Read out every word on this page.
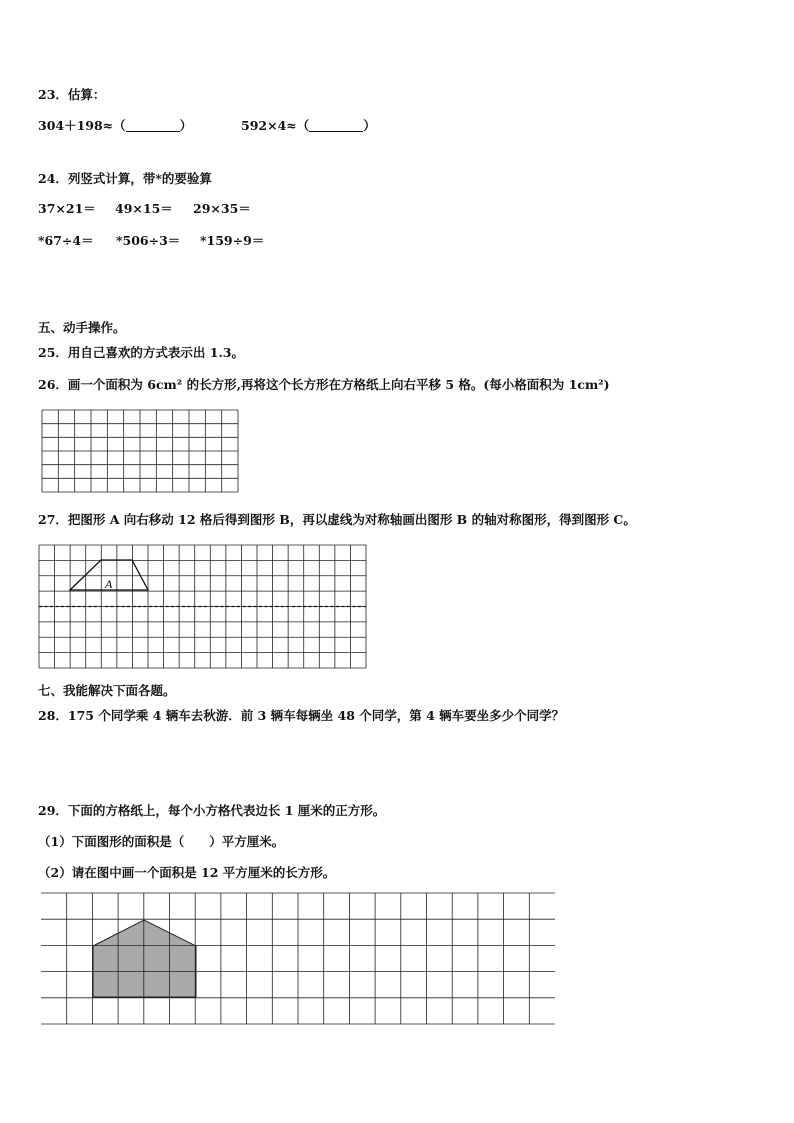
23．估算：
304＋198≈（	）	592×4≈（	）
24．列竖式计算，带*的要验算
37×21＝ 49×15＝ 29×35＝
*67÷4＝ *506÷3＝ *159÷9＝
五、动手操作。
25．用自己喜欢的方式表示出 1.3。
26．画一个面积为 6cm² 的长方形,再将这个长方形在方格纸上向右平移 5 格。(每小格面积为 1cm²)
27．把图形 A 向右移动 12 格后得到图形 B，再以虚线为对称轴画出图形 B 的轴对称图形，得到图形 C。
A
七、我能解决下面各题。
28．175 个同学乘 4 辆车去秋游．前 3 辆车每辆坐 48 个同学，第 4 辆车要坐多少个同学？
29．下面的方格纸上，每个小方格代表边长 1 厘米的正方形。
（1）下面图形的面积是（　　）平方厘米。
（2）请在图中画一个面积是 12 平方厘米的长方形。
